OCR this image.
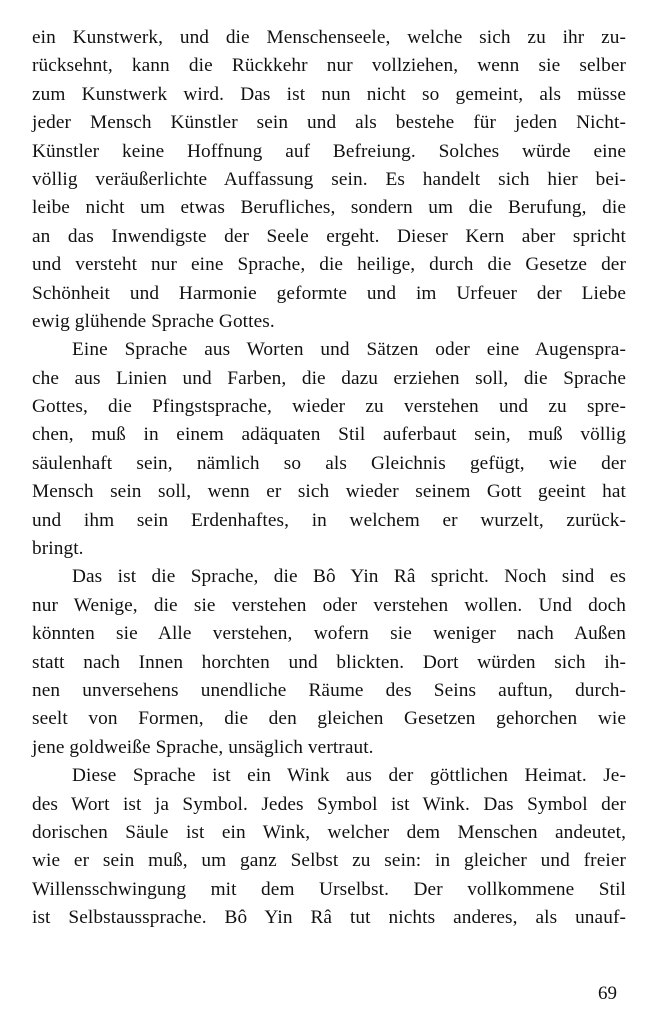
ein Kunstwerk, und die Menschenseele, welche sich zu ihr zu-
rücksehnt, kann die Rückkehr nur vollziehen, wenn sie selber
zum Kunstwerk wird. Das ist nun nicht so gemeint, als müsse
jeder Mensch Künstler sein und als bestehe für jeden Nicht-
Künstler keine Hoffnung auf Befreiung. Solches würde eine
völlig veräußerlichte Auffassung sein. Es handelt sich hier bei-
leibe nicht um etwas Berufliches, sondern um die Berufung, die
an das Inwendigste der Seele ergeht. Dieser Kern aber spricht
und versteht nur eine Sprache, die heilige, durch die Gesetze der
Schönheit und Harmonie geformte und im Urfeuer der Liebe
ewig glühende Sprache Gottes.
Eine Sprache aus Worten und Sätzen oder eine Augenspra-
che aus Linien und Farben, die dazu erziehen soll, die Sprache
Gottes, die Pfingstsprache, wieder zu verstehen und zu spre-
chen, muß in einem adäquaten Stil auferbaut sein, muß völlig
säulenhaft sein, nämlich so als Gleichnis gefügt, wie der
Mensch sein soll, wenn er sich wieder seinem Gott geeint hat
und ihm sein Erdenhaftes, in welchem er wurzelt, zurück-
bringt.
Das ist die Sprache, die Bô Yin Râ spricht. Noch sind es
nur Wenige, die sie verstehen oder verstehen wollen. Und doch
könnten sie Alle verstehen, wofern sie weniger nach Außen
statt nach Innen horchten und blickten. Dort würden sich ih-
nen unversehens unendliche Räume des Seins auftun, durch-
seelt von Formen, die den gleichen Gesetzen gehorchen wie
jene goldweiße Sprache, unsäglich vertraut.
Diese Sprache ist ein Wink aus der göttlichen Heimat. Je-
des Wort ist ja Symbol. Jedes Symbol ist Wink. Das Symbol der
dorischen Säule ist ein Wink, welcher dem Menschen andeutet,
wie er sein muß, um ganz Selbst zu sein: in gleicher und freier
Willensschwingung mit dem Urselbst. Der vollkommene Stil
ist Selbstaussprache. Bô Yin Râ tut nichts anderes, als unauf-
69
